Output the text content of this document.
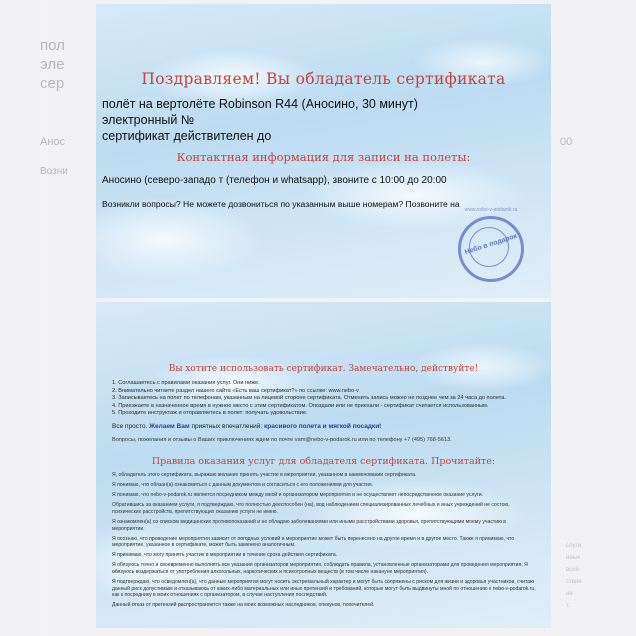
пол
эле
сер
Анос
Возни
00
слуги,
нных
всей
ствия
ие
т.
Поздравляем! Вы обладатель сертификата
полёт на вертолёте Robinson R44 (Аносино, 30 минут)
электронный №
сертификат действителен до
Контактная информация для записи на полеты:
Аносино (северо-западо т (телефон и whatsapp), звоните с 10:00 до 20:00
Возникли вопросы? Не можете дозвониться по указанным выше номерам? Позвоните на
www.nebo-v-podarok.ru
Небо в подарок
Вы хотите использовать сертификат. Замечательно, действуйте!
1. Соглашаетесь с правилами оказания услуг. Они ниже.
2. Внимательно читаете раздел нашего сайта «Есть ваш сертификат?» по ссылке: www.nebo-v
3. Записываетесь на полет по телефонам, указанным на лицевой стороне сертификата. Отменить запись можно не позднее чем за 24 часа до полета.
4. Приезжаете в назначенное время в нужное место с этим сертификатом. Опоздали или не приехали - сертификат считается использованным.
5. Проходите инструктаж и отправляетесь в полет: получать удовольствие.
Все просто. Желаем Вам приятных впечатлений: красивого полета и мягкой посадки!
Вопросы, пожелания и отзывы о Ваших приключениях ждем по почте vam@nebo-v-podarok.ru или по телефону +7 (495) 768-5613.
Правила оказания услуг для обладателя сертификата. Прочитайте:

Я, обладатель этого сертификата, выражаю желание принять участие в мероприятии, указанном в наименовании сертификата.

Я понимаю, что обязан(а) ознакомиться с данным документом и согласиться с его положениями для участия.

Я понимаю, что nebo-v-podarok.ru является посредником между мной и организатором мероприятия и не осуществляет непосредственное оказание услуги.

Обратившись за оказанием услуги, я подтверждаю, что полностью дееспособен (на), вод наблюдением специализированных лечебных и иных учреждений не состою, психических расстройств, препятствующих оказанию услуги не имею.

Я ознакомлен(а) со списком медицинских противопоказаний и не обладаю заболеваниями или иными расстройствами здоровья, препятствующими моему участию в мероприятии.

Я осознаю, что проведение мероприятия зависит от погодных условий и мероприятие может быть перенесено на другое время и в другое место. Также я принимаю, что мероприятие, указанное в сертификате, может быть заменено аналогичным.

Я принимаю, что могу принять участие в мероприятии в течение срока действия сертификата.

Я обязуюсь точно и своевременно выполнять все указания организаторов мероприятия, соблюдать правила, установленные организаторами для проведения мероприятия. Я обязуюсь воздержаться от употребления алкогольных, наркотических и психотропных веществ (в том числе накануне мероприятия).

Я подтверждаю, что осведомлен(а), что данные мероприятия могут носить экстремальный характер и могут быть сопряжены с риском для жизни и здоровья участников, считаю данный риск допустимым и отказываюсь от каких-либо материальных или иных претензий и требований, которые могут быть выдвинуты мной по отношению к nebo-v-podarok.ru, как к посреднику в моих отношениях с организатором, в случае наступления последствий.

Данный отказ от претензий распространяется также на моих возможных наследников, опекунов, попечителей.
